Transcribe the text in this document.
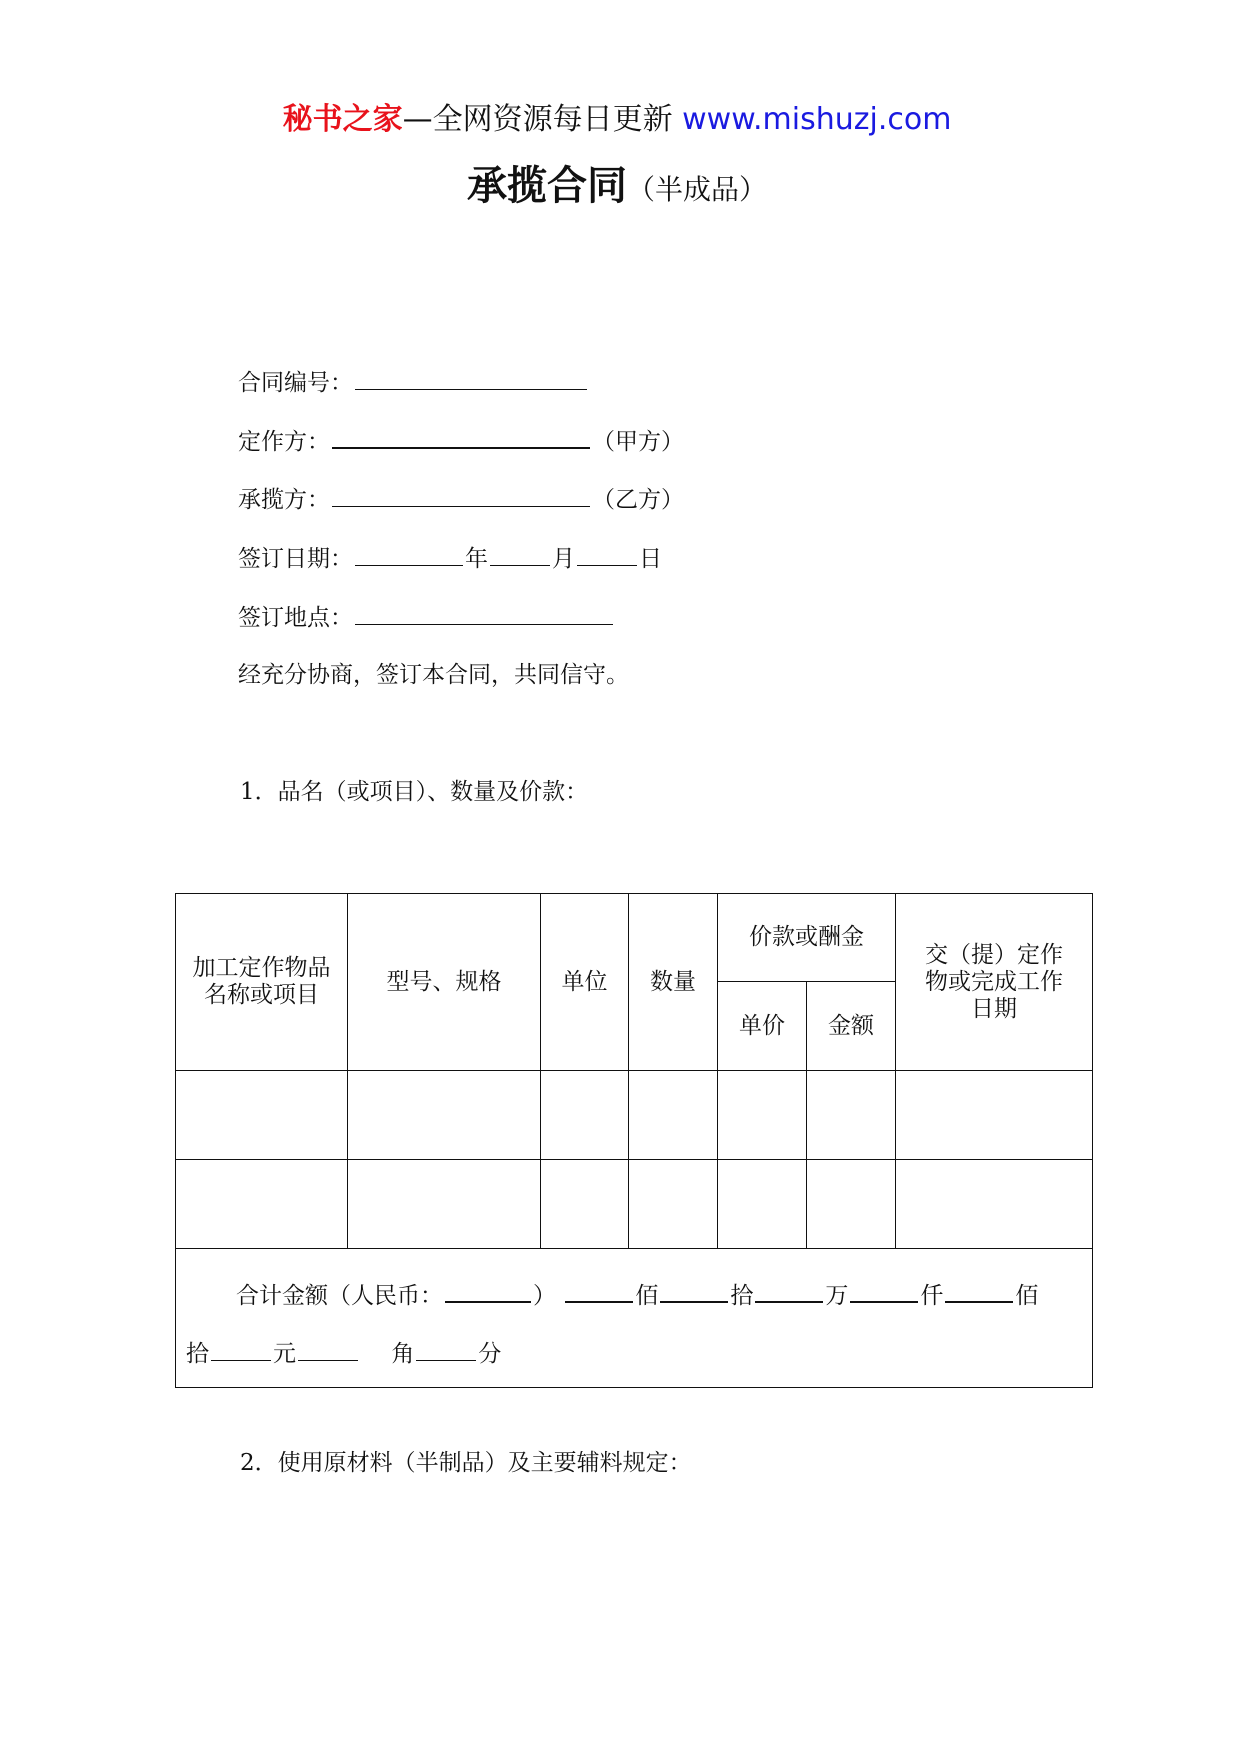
秘书之家—全网资源每日更新 www.mishuzj.com
承揽合同（半成品）
合同编号：
定作方：	（甲方）
承揽方：	（乙方）
签订日期：	年	月	日
签订地点：
经充分协商，签订本合同，共同信守。
1．品名（或项目）、数量及价款：
加工定作物品名称或项目	型号、规格	单位	数量	价款或酬金		交（提）定作物或完成工作日期

				单价	金额	

合计金额（人民币： ） 佰 拾 万 仟 佰
拾 元 角 分						
2．使用原材料（半制品）及主要辅料规定：
